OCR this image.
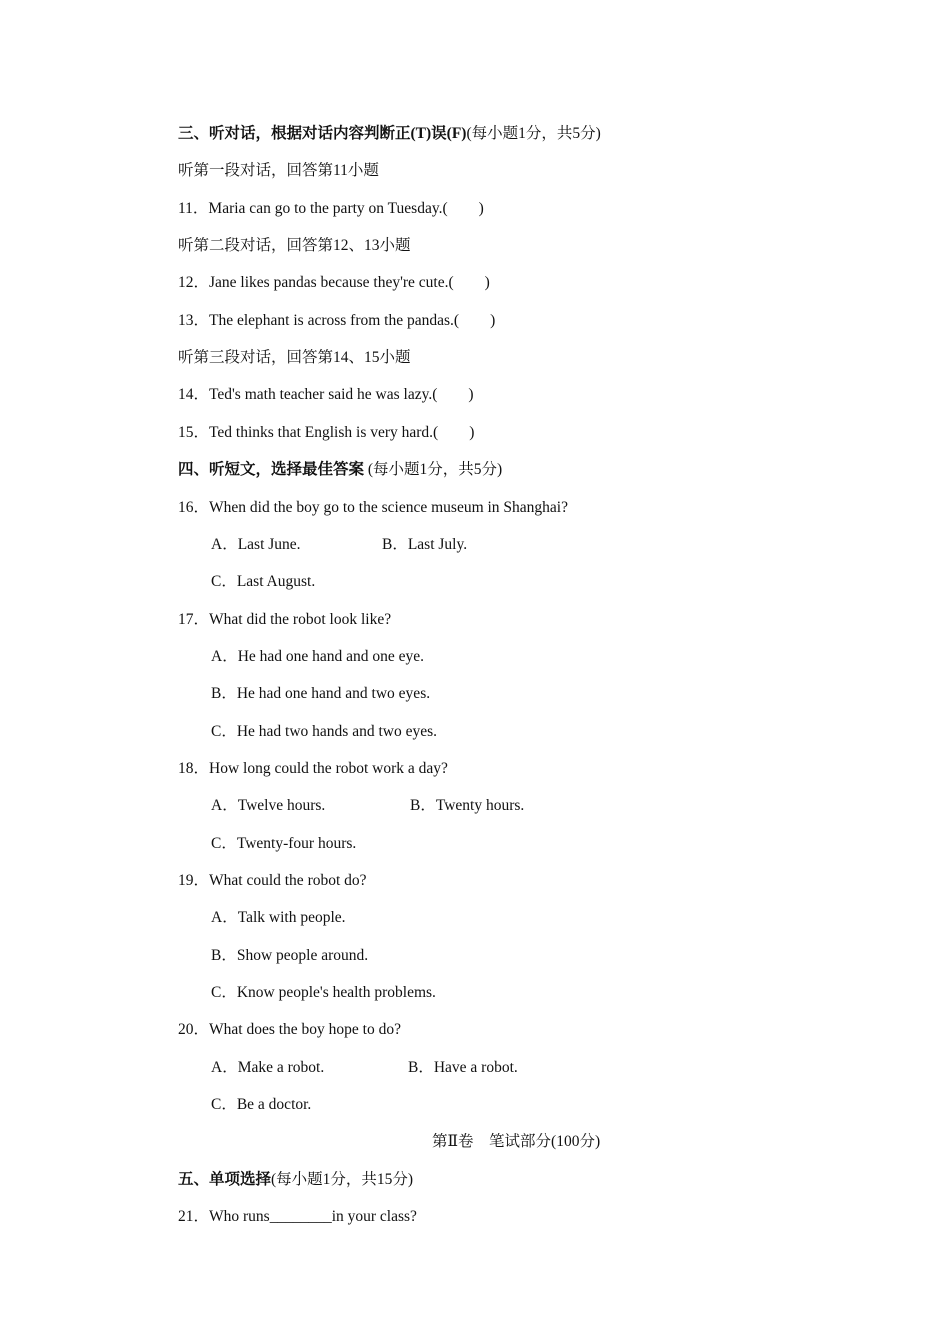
三、听对话，根据对话内容判断正(T)误(F)(每小题1分，共5分)
听第一段对话，回答第11小题
11．Maria can go to the party on Tuesday.(　　)
听第二段对话，回答第12、13小题
12．Jane likes pandas because they're cute.(　　)
13．The elephant is across from the pandas.(　　)
听第三段对话，回答第14、15小题
14．Ted's math teacher said he was lazy.(　　)
15．Ted thinks that English is very hard.(　　)
四、听短文，选择最佳答案 (每小题1分，共5分)
16．When did the boy go to the science museum in Shanghai?
A．Last June.	B．Last July.
C．Last August.
17．What did the robot look like?
A．He had one hand and one eye.
B．He had one hand and two eyes.
C．He had two hands and two eyes.
18．How long could the robot work a day?
A．Twelve hours.	B．Twenty hours.
C．Twenty-four hours.
19．What could the robot do?
A．Talk with people.
B．Show people around.
C．Know people's health problems.
20．What does the boy hope to do?
A．Make a robot.	B．Have a robot.
C．Be a doctor.
第Ⅱ卷　笔试部分(100分)
五、单项选择(每小题1分，共15分)
21．Who runs________in your class?
